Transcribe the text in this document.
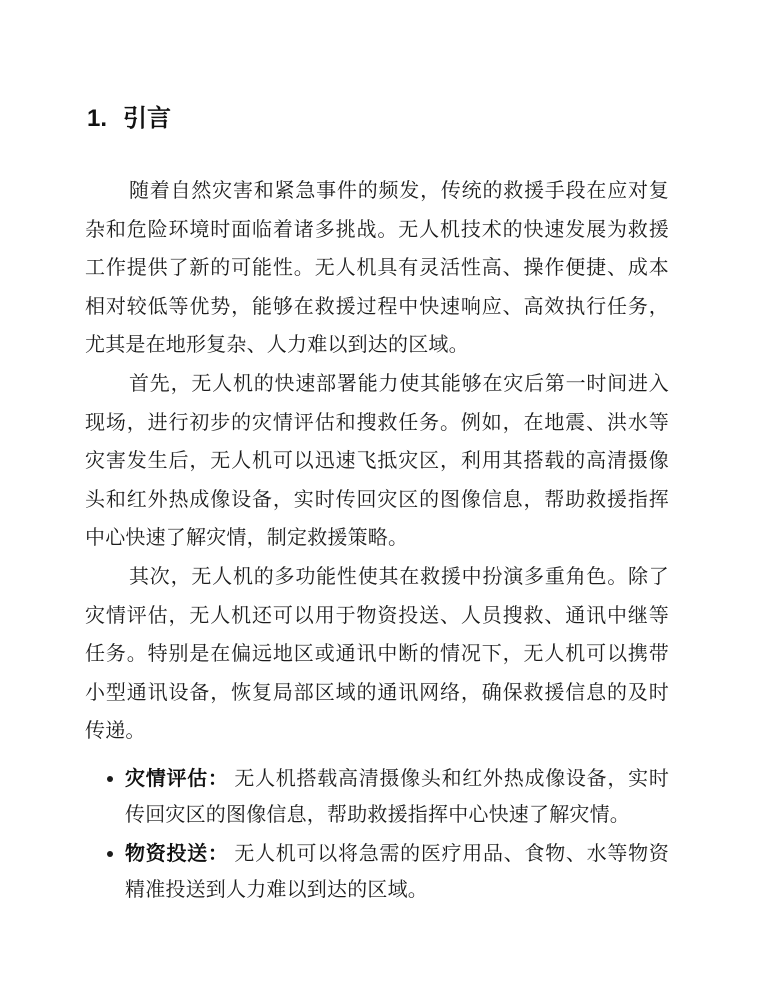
1. 引言

随着自然灾害和紧急事件的频发，传统的救援手段在应对复杂和危险环境时面临着诸多挑战。无人机技术的快速发展为救援工作提供了新的可能性。无人机具有灵活性高、操作便捷、成本相对较低等优势，能够在救援过程中快速响应、高效执行任务，尤其是在地形复杂、人力难以到达的区域。

首先，无人机的快速部署能力使其能够在灾后第一时间进入现场，进行初步的灾情评估和搜救任务。例如，在地震、洪水等灾害发生后，无人机可以迅速飞抵灾区，利用其搭载的高清摄像头和红外热成像设备，实时传回灾区的图像信息，帮助救援指挥中心快速了解灾情，制定救援策略。

其次，无人机的多功能性使其在救援中扮演多重角色。除了灾情评估，无人机还可以用于物资投送、人员搜救、通讯中继等任务。特别是在偏远地区或通讯中断的情况下，无人机可以携带小型通讯设备，恢复局部区域的通讯网络，确保救援信息的及时传递。

灾情评估： 无人机搭载高清摄像头和红外热成像设备，实时传回灾区的图像信息，帮助救援指挥中心快速了解灾情。
物资投送： 无人机可以将急需的医疗用品、食物、水等物资精准投送到人力难以到达的区域。
